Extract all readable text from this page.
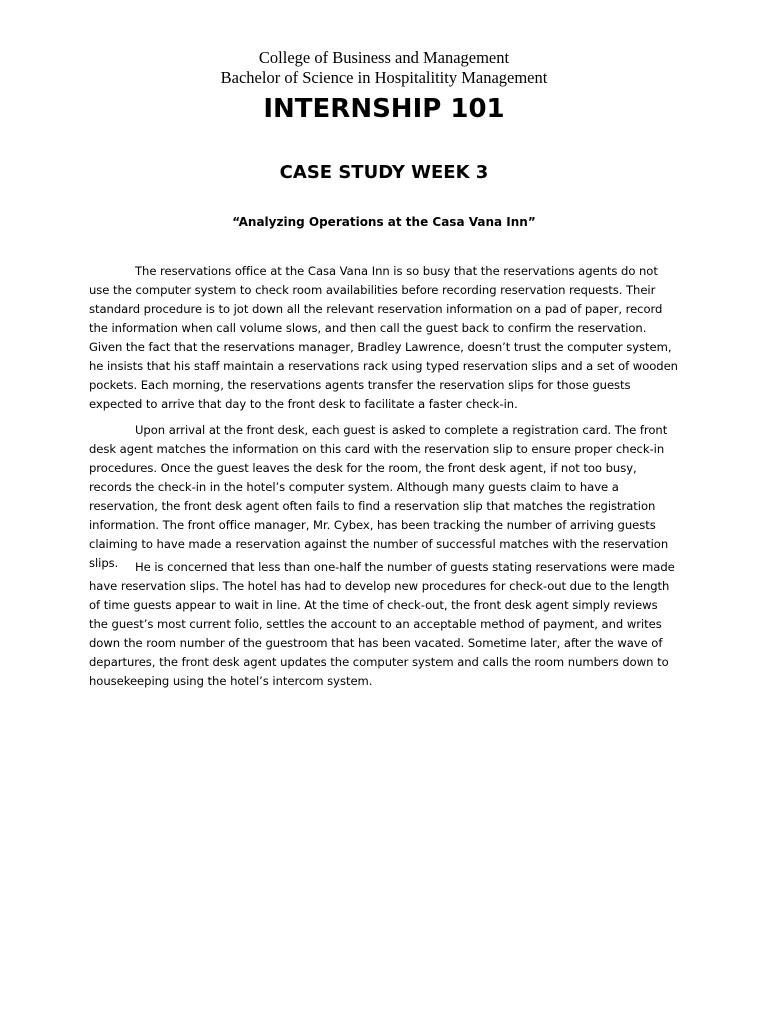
College of Business and Management
Bachelor of Science in Hospitalitity Management
INTERNSHIP 101
CASE STUDY WEEK 3
“Analyzing Operations at the Casa Vana Inn”

The reservations office at the Casa Vana Inn is so busy that the reservations agents do not use the computer system to check room availabilities before recording reservation requests. Their standard procedure is to jot down all the relevant reservation information on a pad of paper, record the information when call volume slows, and then call the guest back to confirm the reservation. Given the fact that the reservations manager, Bradley Lawrence, doesn’t trust the computer system, he insists that his staff maintain a reservations rack using typed reservation slips and a set of wooden pockets. Each morning, the reservations agents transfer the reservation slips for those guests expected to arrive that day to the front desk to facilitate a faster check-in.

Upon arrival at the front desk, each guest is asked to complete a registration card. The front desk agent matches the information on this card with the reservation slip to ensure proper check-in procedures. Once the guest leaves the desk for the room, the front desk agent, if not too busy, records the check-in in the hotel’s computer system. Although many guests claim to have a reservation, the front desk agent often fails to find a reservation slip that matches the registration information. The front office manager, Mr. Cybex, has been tracking the number of arriving guests claiming to have made a reservation against the number of successful matches with the reservation slips.	He is concerned that less than one-half the number of guests stating reservations were made have reservation slips. The hotel has had to develop new procedures for check-out due to the length of time guests appear to wait in line. At the time of check-out, the front desk agent simply reviews the guest’s most current folio, settles the account to an acceptable method of payment, and writes down the room number of the guestroom that has been vacated. Sometime later, after the wave of departures, the front desk agent updates the computer system and calls the room numbers down to housekeeping using the hotel’s intercom system.
